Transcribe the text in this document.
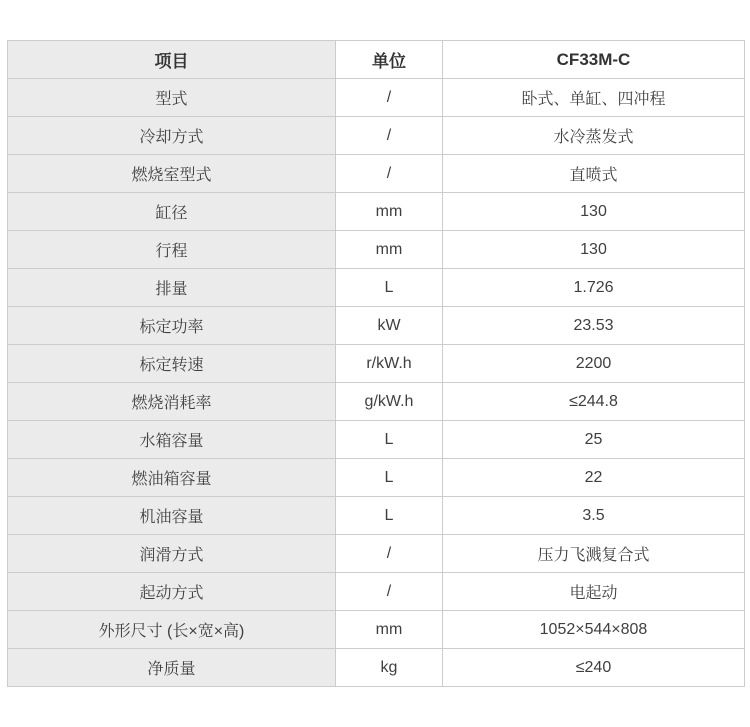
项目	单位	CF33M-C
型式	/	卧式、单缸、四冲程
冷却方式	/	水冷蒸发式
燃烧室型式	/	直喷式
缸径	mm	130
行程	mm	130
排量	L	1.726
标定功率	kW	23.53
标定转速	r/kW.h	2200
燃烧消耗率	g/kW.h	≤244.8
水箱容量	L	25
燃油箱容量	L	22
机油容量	L	3.5
润滑方式	/	压力飞溅复合式
起动方式	/	电起动
外形尺寸 (长×宽×高)	mm	1052×544×808
净质量	kg	≤240
